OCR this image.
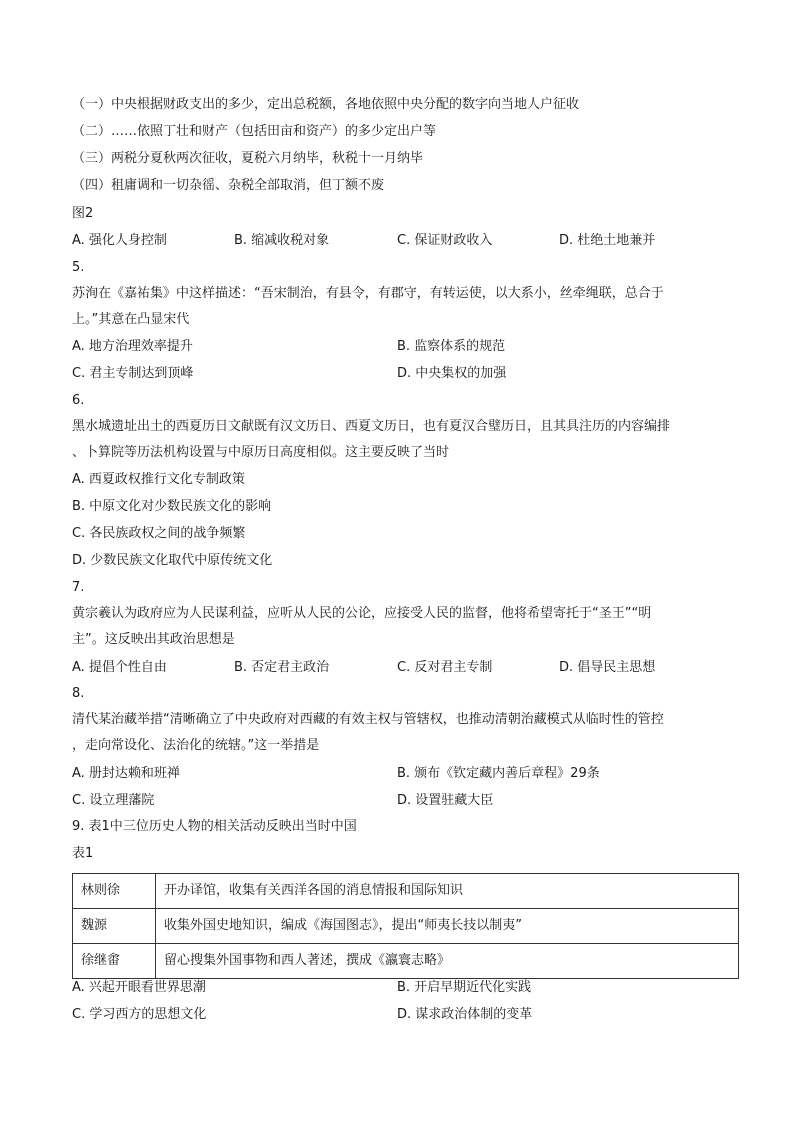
（一）中央根据财政支出的多少，定出总税额，各地依照中央分配的数字向当地人户征收
（二）……依照丁壮和财产（包括田亩和资产）的多少定出户等
（三）两税分夏秋两次征收，夏税六月纳毕，秋税十一月纳毕
（四）租庸调和一切杂徭、杂税全部取消，但丁额不废
图2
A. 强化人身控制	B. 缩减收税对象	C. 保证财政收入	D. 杜绝土地兼并
5.
苏洵在《嘉祐集》中这样描述：“吾宋制治，有县令，有郡守，有转运使，以大系小，丝牵绳联，总合于
上。”其意在凸显宋代
A. 地方治理效率提升	B. 监察体系的规范
C. 君主专制达到顶峰	D. 中央集权的加强
6.
黑水城遗址出土的西夏历日文献既有汉文历日、西夏文历日，也有夏汉合璧历日，且其具注历的内容编排
、卜算院等历法机构设置与中原历日高度相似。这主要反映了当时
A. 西夏政权推行文化专制政策
B. 中原文化对少数民族文化的影响
C. 各民族政权之间的战争频繁
D. 少数民族文化取代中原传统文化
7.
黄宗羲认为政府应为人民谋利益，应听从人民的公论，应接受人民的监督，他将希望寄托于“圣王”“明
主”。这反映出其政治思想是
A. 提倡个性自由	B. 否定君主政治	C. 反对君主专制	D. 倡导民主思想
8.
清代某治藏举措“清晰确立了中央政府对西藏的有效主权与管辖权，也推动清朝治藏模式从临时性的管控
，走向常设化、法治化的统辖。”这一举措是
A. 册封达赖和班禅	B. 颁布《钦定藏内善后章程》29条
C. 设立理藩院	D. 设置驻藏大臣
9. 表1中三位历史人物的相关活动反映出当时中国
表1
林则徐	开办译馆，收集有关西洋各国的消息情报和国际知识
魏源	收集外国史地知识，编成《海国图志》，提出“师夷长技以制夷”
徐继畬	留心搜集外国事物和西人著述，撰成《瀛寰志略》
A. 兴起开眼看世界思潮	B. 开启早期近代化实践
C. 学习西方的思想文化	D. 谋求政治体制的变革
